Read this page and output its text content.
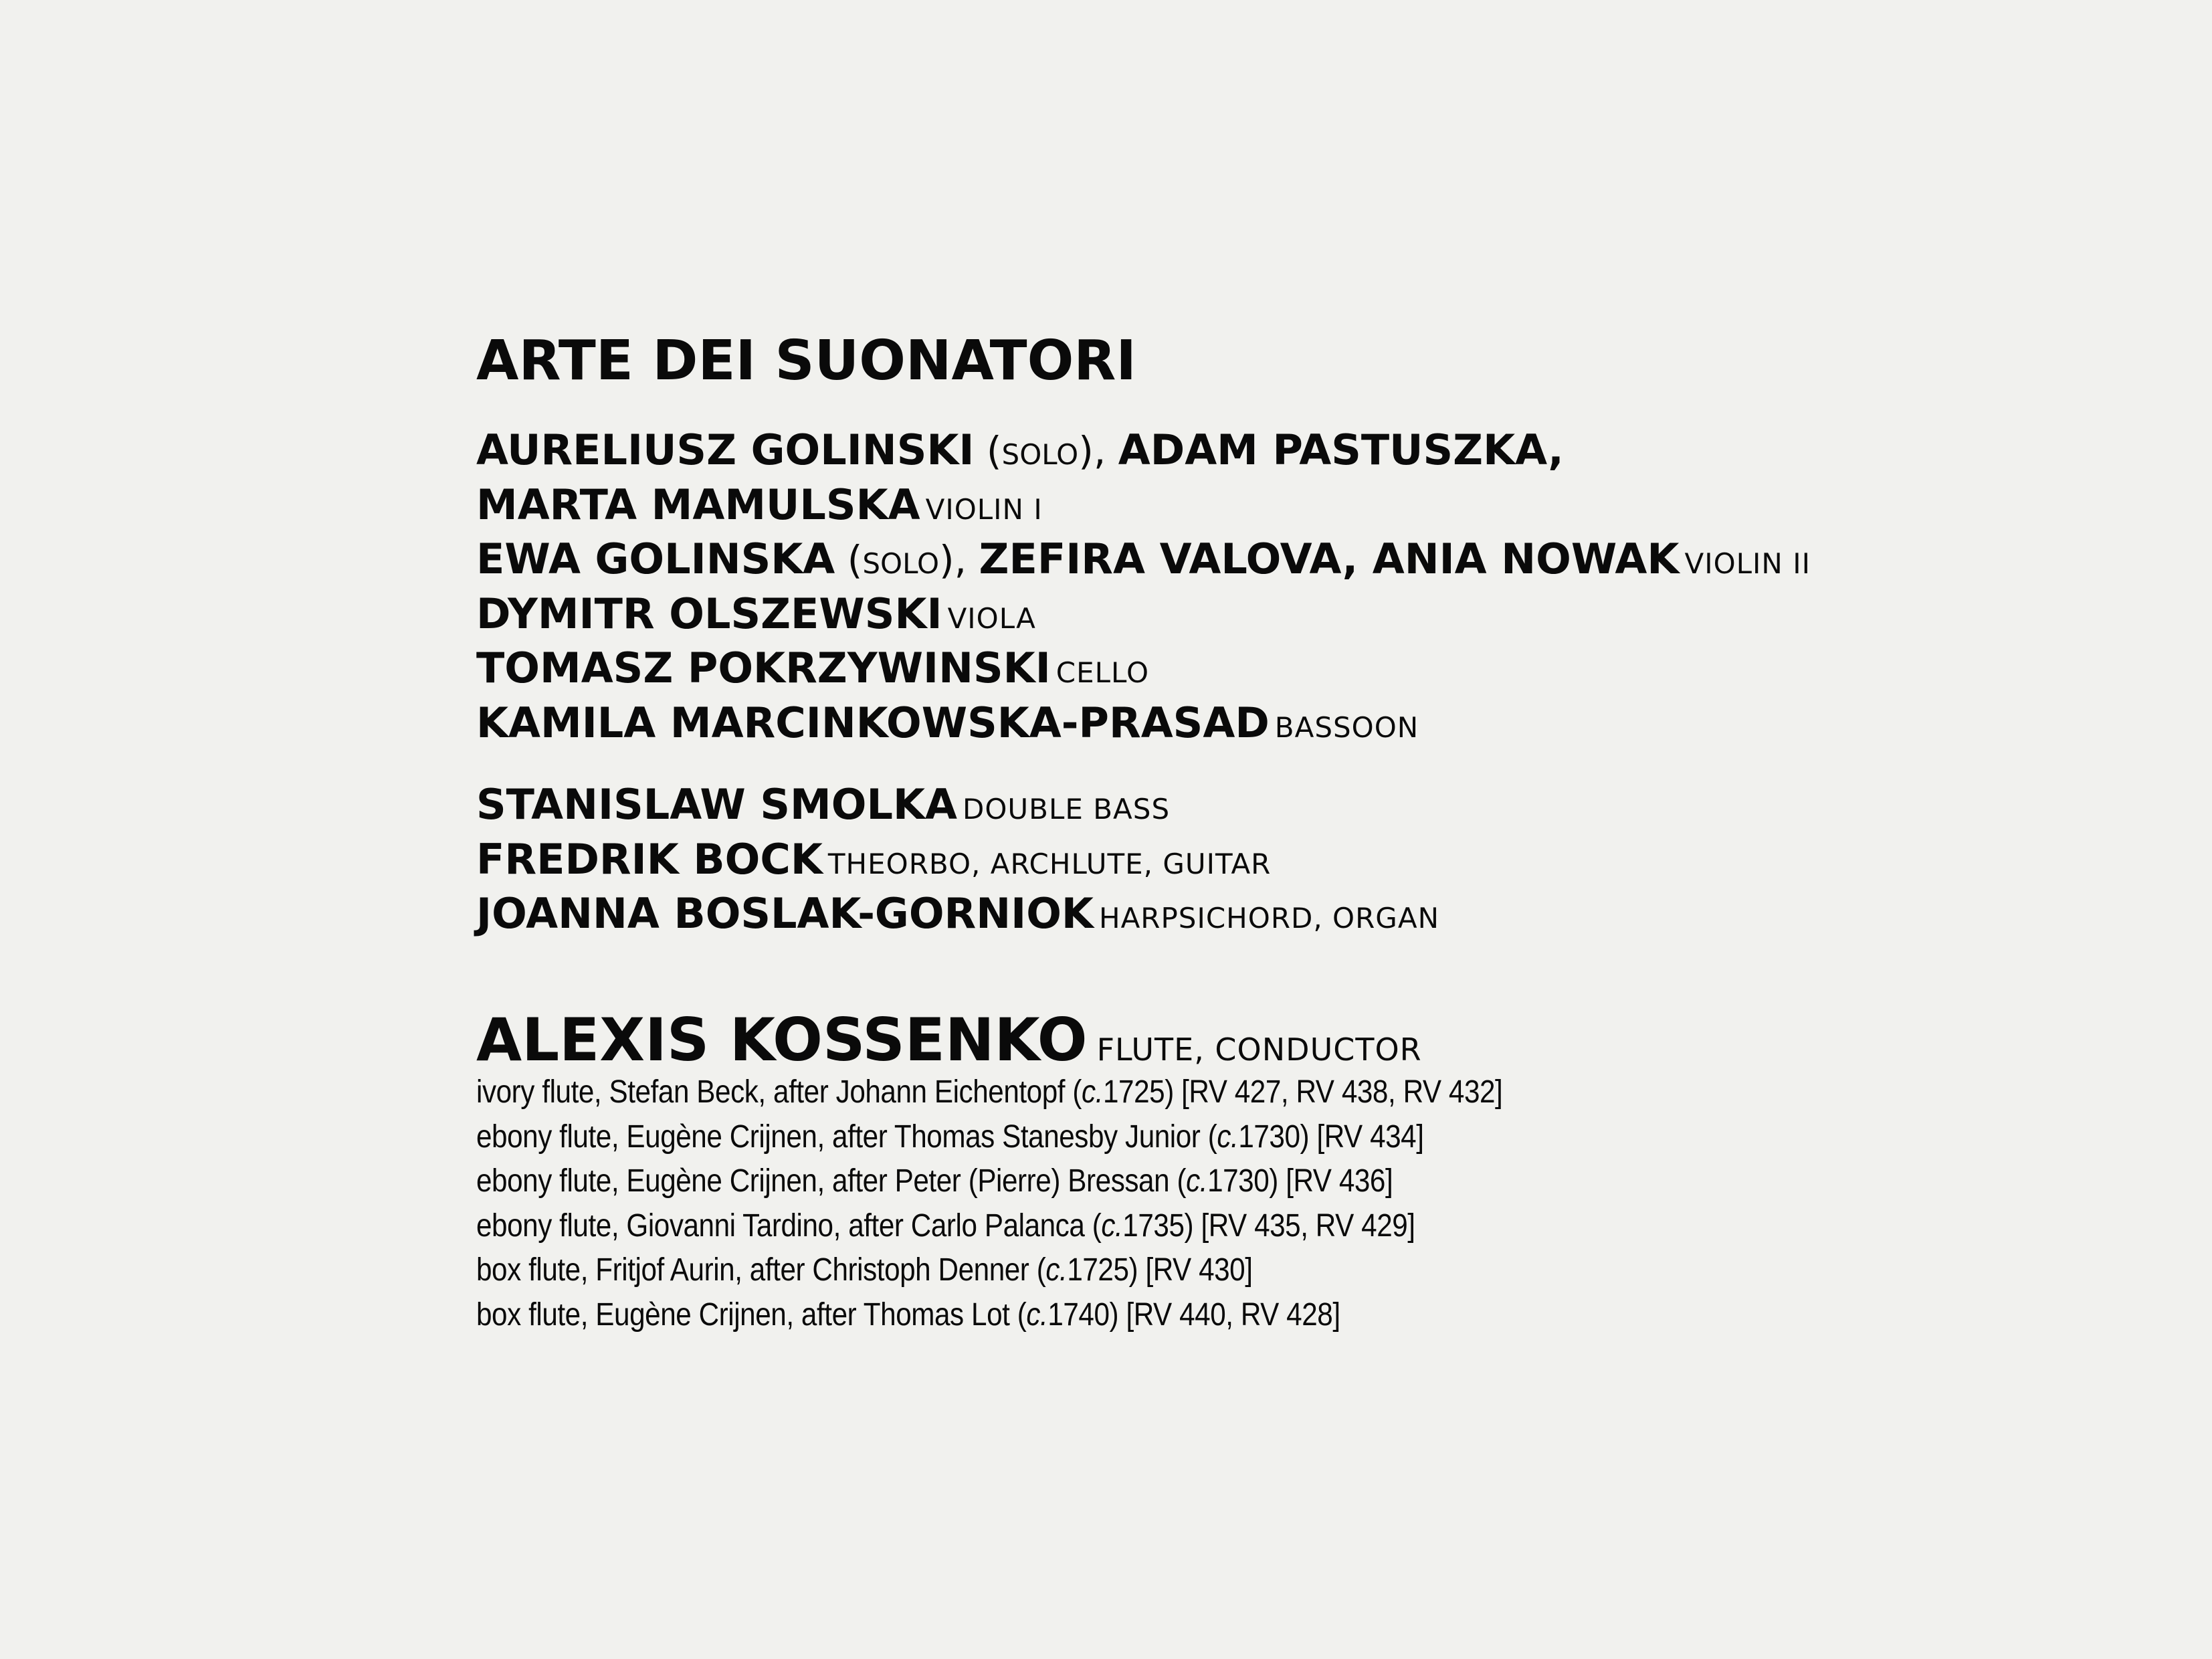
ARTE DEI SUONATORI
AURELIUSZ GOLINSKI (SOLO), ADAM PASTUSZKA,
MARTA MAMULSKA VIOLIN I
EWA GOLINSKA (SOLO), ZEFIRA VALOVA, ANIA NOWAK VIOLIN II
DYMITR OLSZEWSKI VIOLA
TOMASZ POKRZYWINSKI CELLO
KAMILA MARCINKOWSKA-PRASAD BASSOON
STANISLAW SMOLKA DOUBLE BASS
FREDRIK BOCK THEORBO, ARCHLUTE, GUITAR
JOANNA BOSLAK-GORNIOK HARPSICHORD, ORGAN
ALEXIS KOSSENKO FLUTE, CONDUCTOR
ivory flute, Stefan Beck, after Johann Eichentopf (c.1725) [RV 427, RV 438, RV 432]
ebony flute, Eugène Crijnen, after Thomas Stanesby Junior (c.1730) [RV 434]
ebony flute, Eugène Crijnen, after Peter (Pierre) Bressan (c.1730) [RV 436]
ebony flute, Giovanni Tardino, after Carlo Palanca (c.1735) [RV 435, RV 429]
box flute, Fritjof Aurin, after Christoph Denner (c.1725) [RV 430]
box flute, Eugène Crijnen, after Thomas Lot (c.1740) [RV 440, RV 428]
